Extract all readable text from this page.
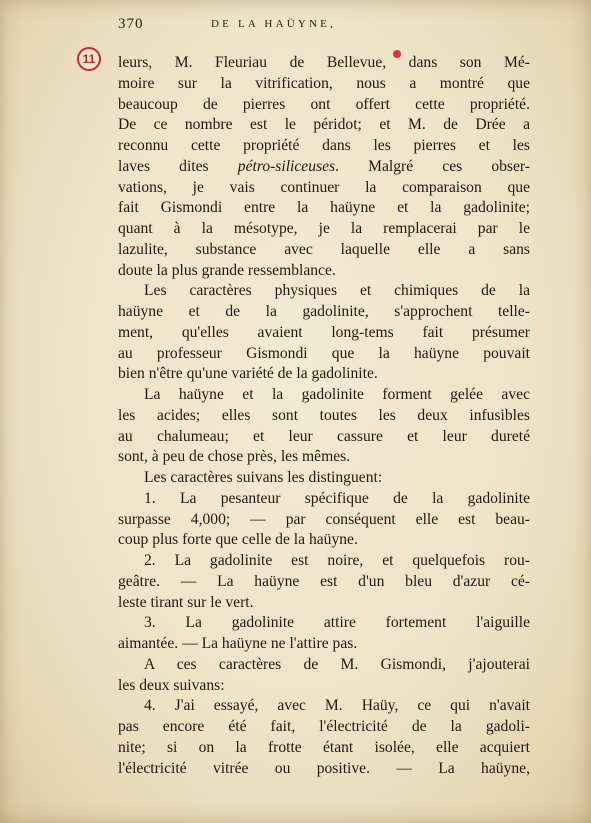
370	DE LA HAÜYNE,
11	leurs, M. Fleuriau de Bellevue, dans son Mé-
moire sur la vitrification, nous a montré que
beaucoup de pierres ont offert cette propriété.
De ce nombre est le péridot; et M. de Drée a
reconnu cette propriété dans les pierres et les
laves dites pétro-siliceuses. Malgré ces obser-
vations, je vais continuer la comparaison que
fait Gismondi entre la haüyne et la gadolinite;
quant à la mésotype, je la remplacerai par le
lazulite, substance avec laquelle elle a sans
doute la plus grande ressemblance.
Les caractères physiques et chimiques de la
haüyne et de la gadolinite, s'approchent telle-
ment, qu'elles avaient long-tems fait présumer
au professeur Gismondi que la haüyne pouvait
bien n'être qu'une variété de la gadolinite.
La haüyne et la gadolinite forment gelée avec
les acides; elles sont toutes les deux infusibles
au chalumeau; et leur cassure et leur dureté
sont, à peu de chose près, les mêmes.
Les caractères suivans les distinguent:
1. La pesanteur spécifique de la gadolinite
surpasse 4,000; — par conséquent elle est beau-
coup plus forte que celle de la haüyne.
2. La gadolinite est noire, et quelquefois rou-
geâtre. — La haüyne est d'un bleu d'azur cé-
leste tirant sur le vert.
3. La gadolinite attire fortement l'aiguille
aimantée. — La haüyne ne l'attire pas.
A ces caractères de M. Gismondi, j'ajouterai
les deux suivans:
4. J'ai essayé, avec M. Haüy, ce qui n'avait
pas encore été fait, l'électricité de la gadoli-
nite; si on la frotte étant isolée, elle acquiert
l'électricité vitrée ou positive. — La haüyne,
